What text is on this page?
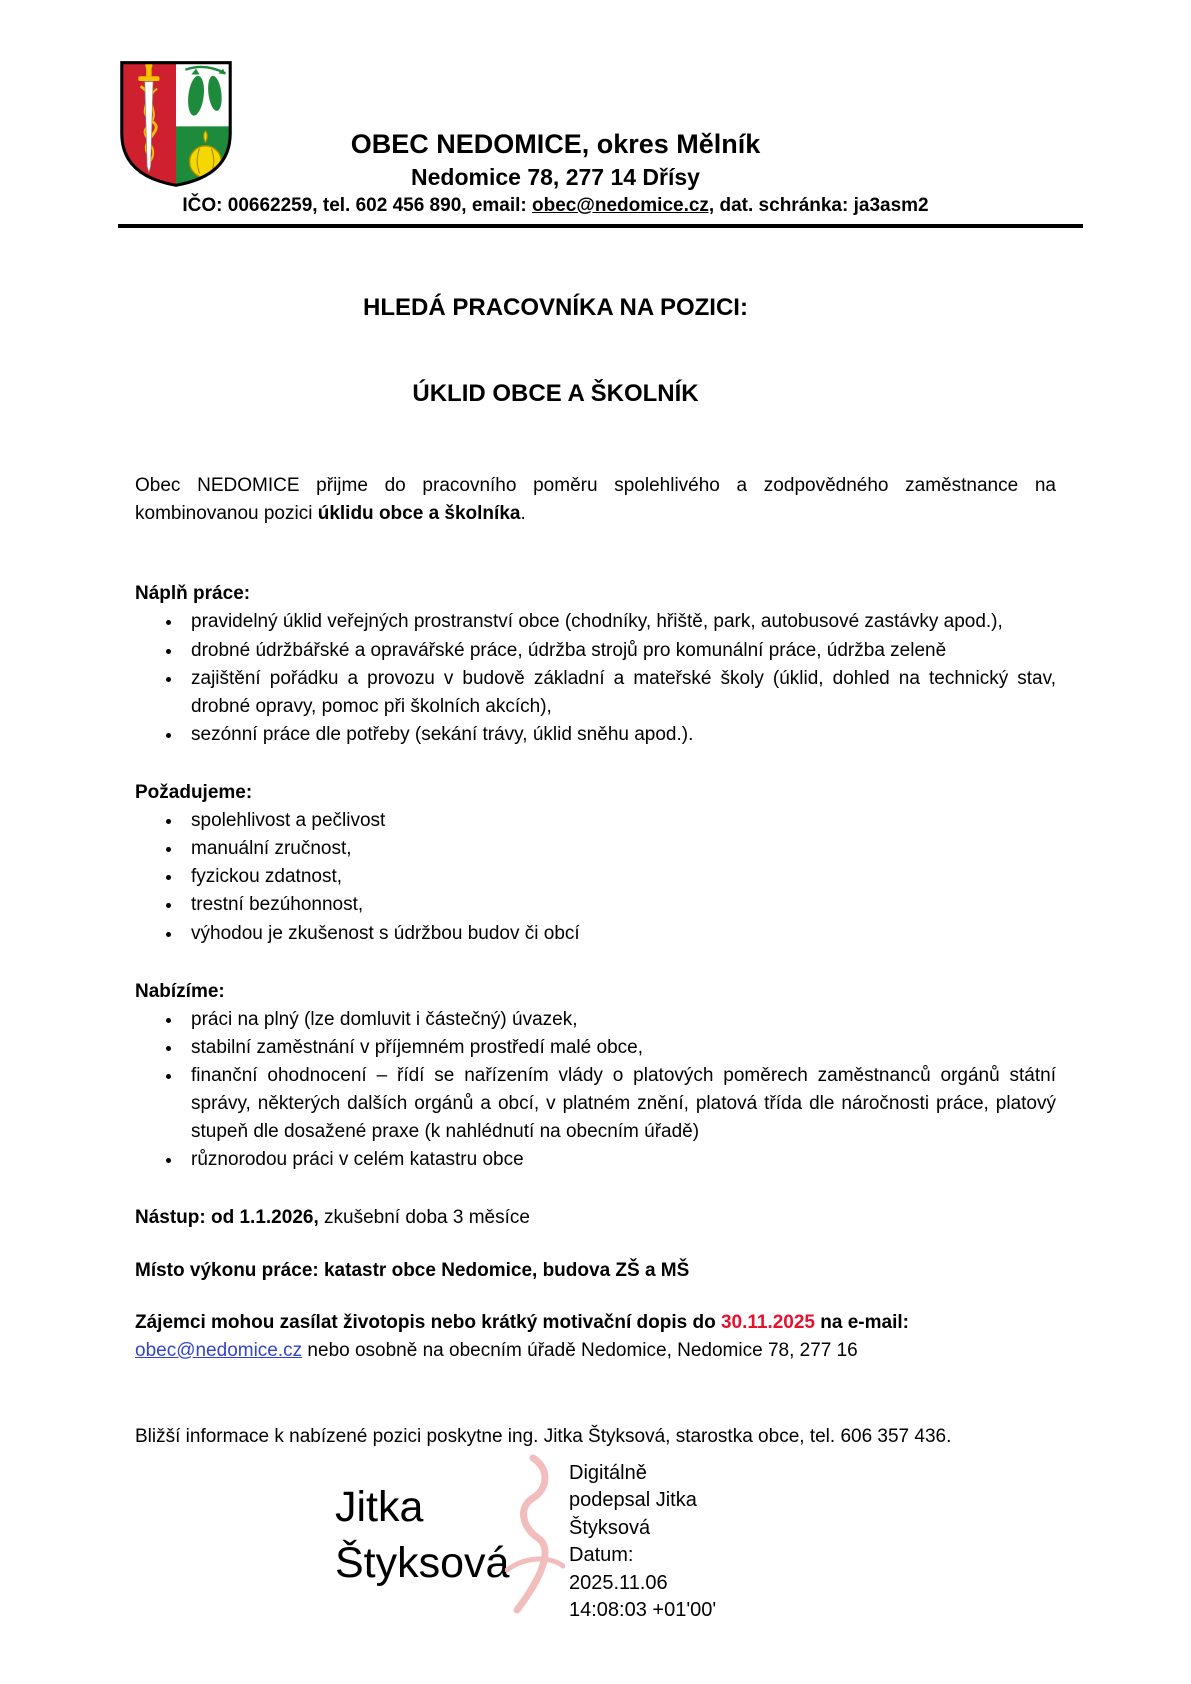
OBEC NEDOMICE, okres Mělník
Nedomice 78, 277 14 Dřísy
IČO: 00662259, tel. 602 456 890, email: obec@nedomice.cz, dat. schránka: ja3asm2
HLEDÁ PRACOVNÍKA NA POZICI:
ÚKLID OBCE A ŠKOLNÍK

Obec NEDOMICE přijme do pracovního poměru spolehlivého a zodpovědného zaměstnance na kombinovanou pozici úklidu obce a školníka.

Náplň práce:
• pravidelný úklid veřejných prostranství obce (chodníky, hřiště, park, autobusové zastávky apod.),
• drobné údržbářské a opravářské práce, údržba strojů pro komunální práce, údržba zeleně
• zajištění pořádku a provozu v budově základní a mateřské školy (úklid, dohled na technický stav, drobné opravy, pomoc při školních akcích),
• sezónní práce dle potřeby (sekání trávy, úklid sněhu apod.).
Požadujeme:
• spolehlivost a pečlivost
• manuální zručnost,
• fyzickou zdatnost,
• trestní bezúhonnost,
• výhodou je zkušenost s údržbou budov či obcí
Nabízíme:
• práci na plný (lze domluvit i částečný) úvazek,
• stabilní zaměstnání v příjemném prostředí malé obce,
• finanční ohodnocení – řídí se nařízením vlády o platových poměrech zaměstnanců orgánů státní správy, některých dalších orgánů a obcí, v platném znění, platová třída dle náročnosti práce, platový stupeň dle dosažené praxe (k nahlédnutí na obecním úřadě)
• různorodou práci v celém katastru obce

Nástup: od 1.1.2026, zkušební doba 3 měsíce

Místo výkonu práce: katastr obce Nedomice, budova ZŠ a MŠ

Zájemci mohou zasílat životopis nebo krátký motivační dopis do 30.11.2025 na e-mail: obec@nedomice.cz nebo osobně na obecním úřadě Nedomice, Nedomice 78, 277 16

Bližší informace k nabízené pozici poskytne ing. Jitka Štyksová, starostka obce, tel. 606 357 436.

Jitka
Štyksová
Digitálně
podepsal Jitka
Štyksová
Datum:
2025.11.06
14:08:03 +01'00'
